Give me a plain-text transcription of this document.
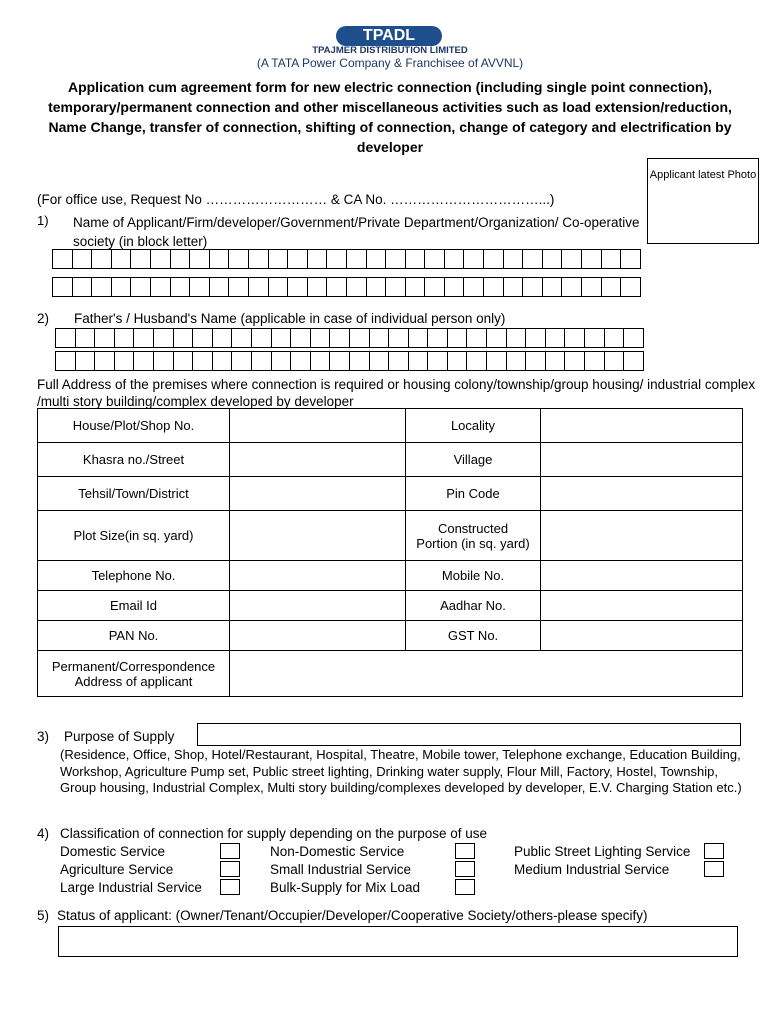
TPADL
TPAJMER DISTRIBUTION LIMITED
(A TATA Power Company & Franchisee of AVVNL)
Application cum agreement form for new electric connection (including single point connection), temporary/permanent connection and other miscellaneous activities such as load extension/reduction, Name Change, transfer of connection, shifting of connection, change of category and electrification by developer
Applicant latest Photo
(For office use, Request No ……………………… & CA No. ……………………………...)
1) Name of Applicant/Firm/developer/Government/Private Department/Organization/ Co-operative society (in block letter)
2) Father's / Husband's Name (applicable in case of individual person only)
Full Address of the premises where connection is required or housing colony/township/group housing/ industrial complex /multi story building/complex developed by developer
House/Plot/Shop No.		Locality	
Khasra no./Street		Village	
Tehsil/Town/District		Pin Code	
Plot Size(in sq. yard)		Constructed Portion (in sq. yard)	
Telephone No.		Mobile No.	
Email Id		Aadhar No.	
PAN No.		GST No.	
Permanent/Correspondence Address of applicant			
3) Purpose of Supply
(Residence, Office, Shop, Hotel/Restaurant, Hospital, Theatre, Mobile tower, Telephone exchange, Education Building, Workshop, Agriculture Pump set, Public street lighting, Drinking water supply, Flour Mill, Factory, Hostel, Township, Group housing, Industrial Complex, Multi story building/complexes developed by developer, E.V. Charging Station etc.)
4) Classification of connection for supply depending on the purpose of use
Domestic Service
Agriculture Service
Large Industrial Service
Non-Domestic Service
Small Industrial Service
Bulk-Supply for Mix Load
Public Street Lighting Service
Medium Industrial Service
5) Status of applicant: (Owner/Tenant/Occupier/Developer/Cooperative Society/others-please specify)
